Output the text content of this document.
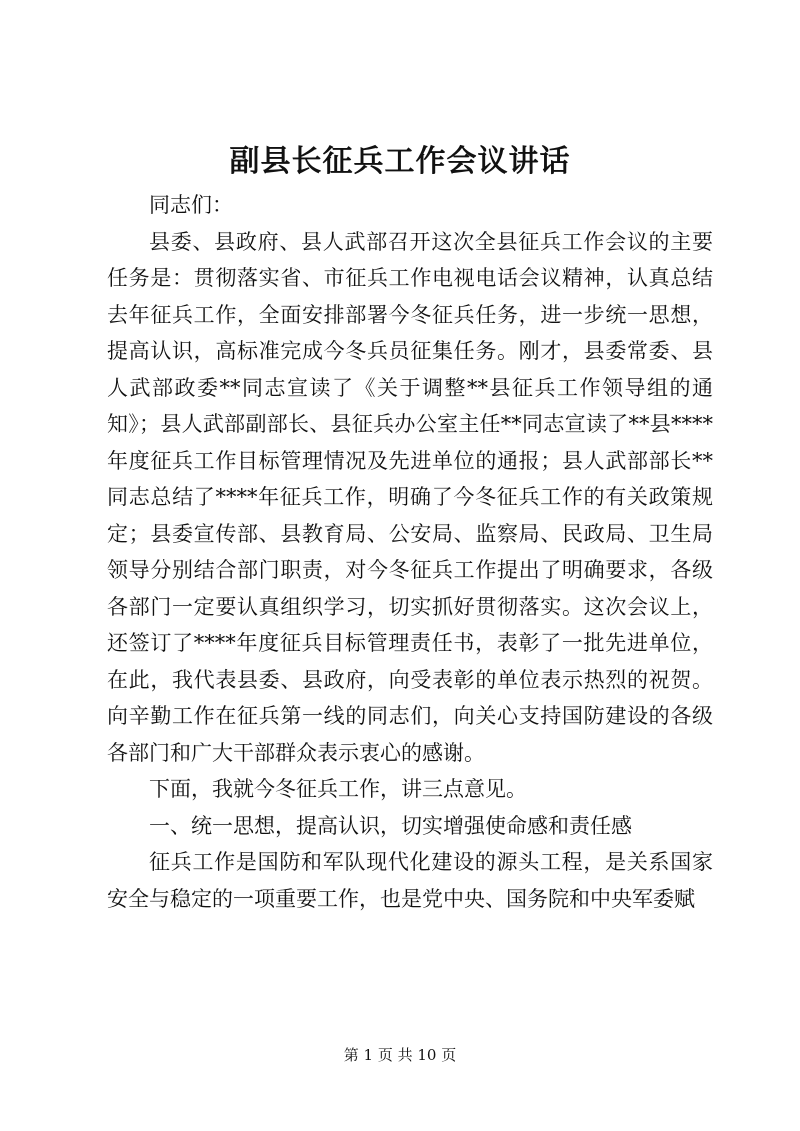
副县长征兵工作会议讲话

同志们：

县委、县政府、县人武部召开这次全县征兵工作会议的主要任务是：贯彻落实省、市征兵工作电视电话会议精神，认真总结去年征兵工作，全面安排部署今冬征兵任务，进一步统一思想，提高认识，高标准完成今冬兵员征集任务。刚才，县委常委、县人武部政委**同志宣读了《关于调整**县征兵工作领导组的通知》；县人武部副部长、县征兵办公室主任**同志宣读了**县****年度征兵工作目标管理情况及先进单位的通报；县人武部部长**同志总结了****年征兵工作，明确了今冬征兵工作的有关政策规定；县委宣传部、县教育局、公安局、监察局、民政局、卫生局领导分别结合部门职责，对今冬征兵工作提出了明确要求，各级各部门一定要认真组织学习，切实抓好贯彻落实。这次会议上，还签订了****年度征兵目标管理责任书，表彰了一批先进单位，在此，我代表县委、县政府，向受表彰的单位表示热烈的祝贺。向辛勤工作在征兵第一线的同志们，向关心支持国防建设的各级各部门和广大干部群众表示衷心的感谢。

下面，我就今冬征兵工作，讲三点意见。

一、统一思想，提高认识，切实增强使命感和责任感

征兵工作是国防和军队现代化建设的源头工程，是关系国家安全与稳定的一项重要工作，也是党中央、国务院和中央军委赋

第 1 页 共 10 页
